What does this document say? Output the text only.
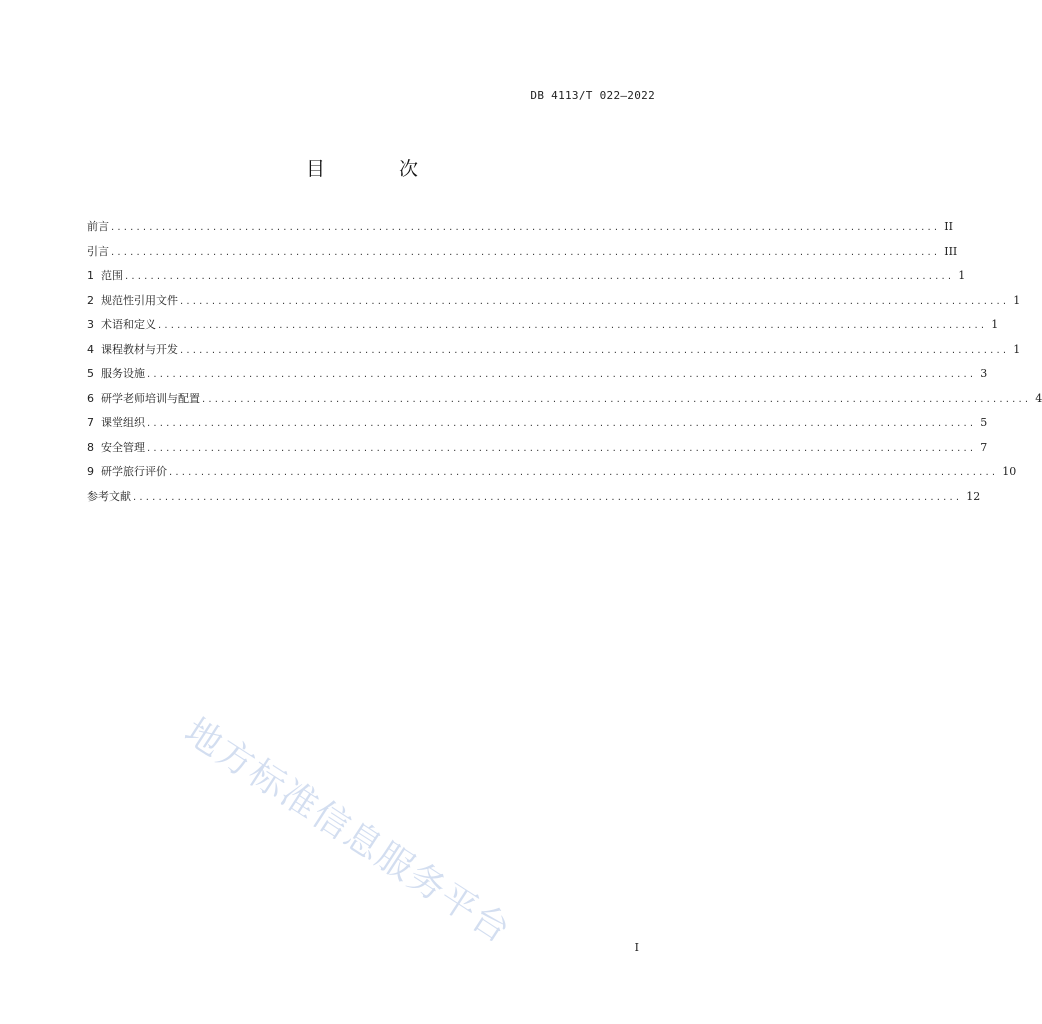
DB 4113/T 022—2022
目 次
前言 .................................................................................................................................. II
引言 .................................................................................................................................. III
1 范围 .................................................................................................................................. 1
2 规范性引用文件 .................................................................................................................................. 1
3 术语和定义 .................................................................................................................................. 1
4 课程教材与开发 .................................................................................................................................. 1
5 服务设施 .................................................................................................................................. 3
6 研学老师培训与配置 .................................................................................................................................. 4
7 课堂组织 .................................................................................................................................. 5
8 安全管理 .................................................................................................................................. 7
9 研学旅行评价 .................................................................................................................................. 10
参考文献 .................................................................................................................................. 12
地方标准信息服务平台	I
